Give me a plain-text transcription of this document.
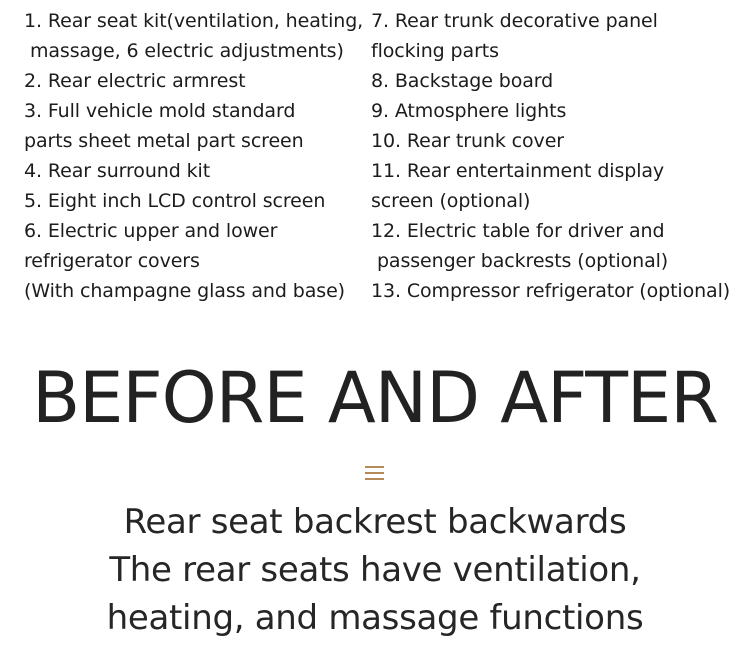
1. Rear seat kit(ventilation, heating,
massage, 6 electric adjustments)
2. Rear electric armrest
3. Full vehicle mold standard
parts sheet metal part screen
4. Rear surround kit
5. Eight inch LCD control screen
6. Electric upper and lower
refrigerator covers
(With champagne glass and base)
7. Rear trunk decorative panel
flocking parts
8. Backstage board
9. Atmosphere lights
10. Rear trunk cover
11. Rear entertainment display
screen (optional)
12. Electric table for driver and
passenger backrests (optional)
13. Compressor refrigerator (optional)
BEFORE AND AFTER
Rear seat backrest backwards
The rear seats have ventilation,
heating, and massage functions
